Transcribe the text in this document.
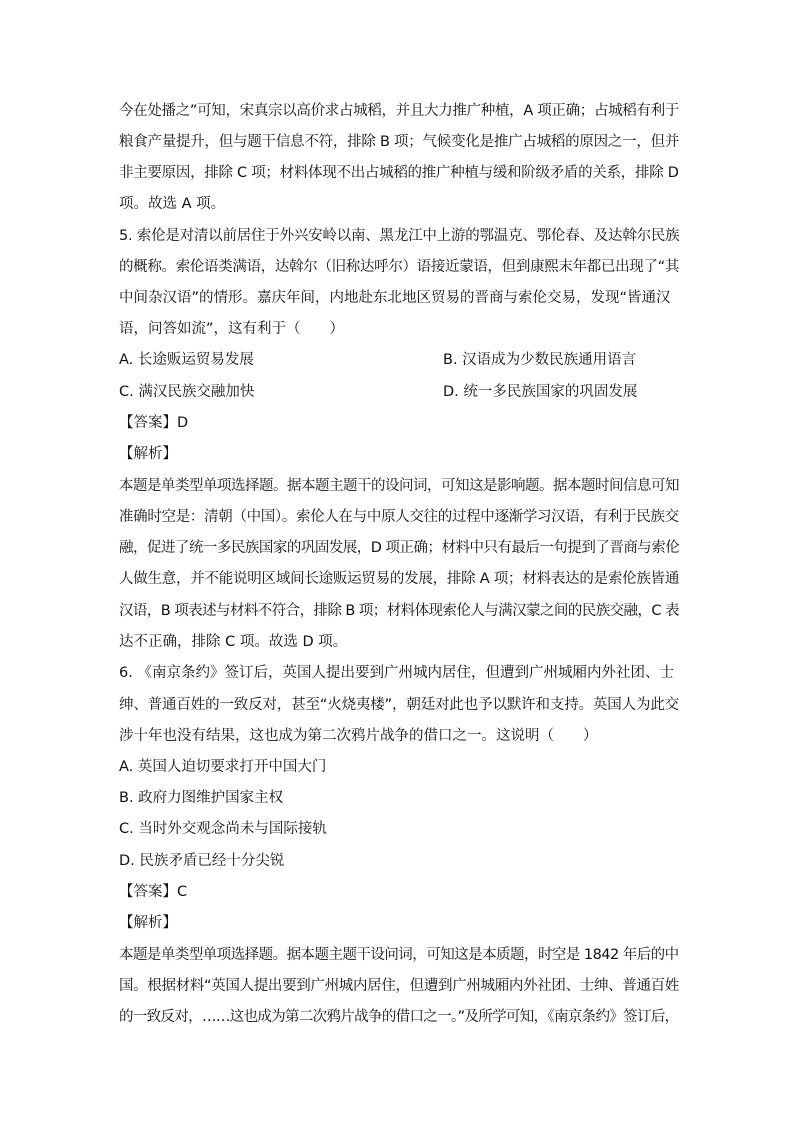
今在处播之”可知，宋真宗以高价求占城稻，并且大力推广种植，A 项正确；占城稻有利于
粮食产量提升，但与题干信息不符，排除 B 项；气候变化是推广占城稻的原因之一，但并
非主要原因，排除 C 项；材料体现不出占城稻的推广种植与缓和阶级矛盾的关系，排除 D
项。故选 A 项。
5. 索伦是对清以前居住于外兴安岭以南、黑龙江中上游的鄂温克、鄂伦春、及达斡尔民族
的概称。索伦语类满语，达斡尔（旧称达呼尔）语接近蒙语，但到康熙末年都已出现了“其
中间杂汉语”的情形。嘉庆年间，内地赴东北地区贸易的晋商与索伦交易，发现“皆通汉
语，问答如流”，这有利于（　　）
A. 长途贩运贸易发展	B. 汉语成为少数民族通用语言
C. 满汉民族交融加快	D. 统一多民族国家的巩固发展
【答案】D
【解析】
本题是单类型单项选择题。据本题主题干的设问词，可知这是影响题。据本题时间信息可知
准确时空是：清朝（中国）。索伦人在与中原人交往的过程中逐渐学习汉语，有利于民族交
融，促进了统一多民族国家的巩固发展，D 项正确；材料中只有最后一句提到了晋商与索伦
人做生意，并不能说明区域间长途贩运贸易的发展，排除 A 项；材料表达的是索伦族皆通
汉语，B 项表述与材料不符合，排除 B 项；材料体现索伦人与满汉蒙之间的民族交融，C 表
达不正确，排除 C 项。故选 D 项。
6. 《南京条约》签订后，英国人提出要到广州城内居住，但遭到广州城厢内外社团、士
绅、普通百姓的一致反对，甚至“火烧夷楼”，朝廷对此也予以默许和支持。英国人为此交
涉十年也没有结果，这也成为第二次鸦片战争的借口之一。这说明（　　）
A. 英国人迫切要求打开中国大门
B. 政府力图维护国家主权
C. 当时外交观念尚未与国际接轨
D. 民族矛盾已经十分尖锐
【答案】C
【解析】
本题是单类型单项选择题。据本题主题干设问词，可知这是本质题，时空是 1842 年后的中
国。根据材料“英国人提出要到广州城内居住，但遭到广州城厢内外社团、士绅、普通百姓
的一致反对，……这也成为第二次鸦片战争的借口之一。”及所学可知，《南京条约》签订后，
